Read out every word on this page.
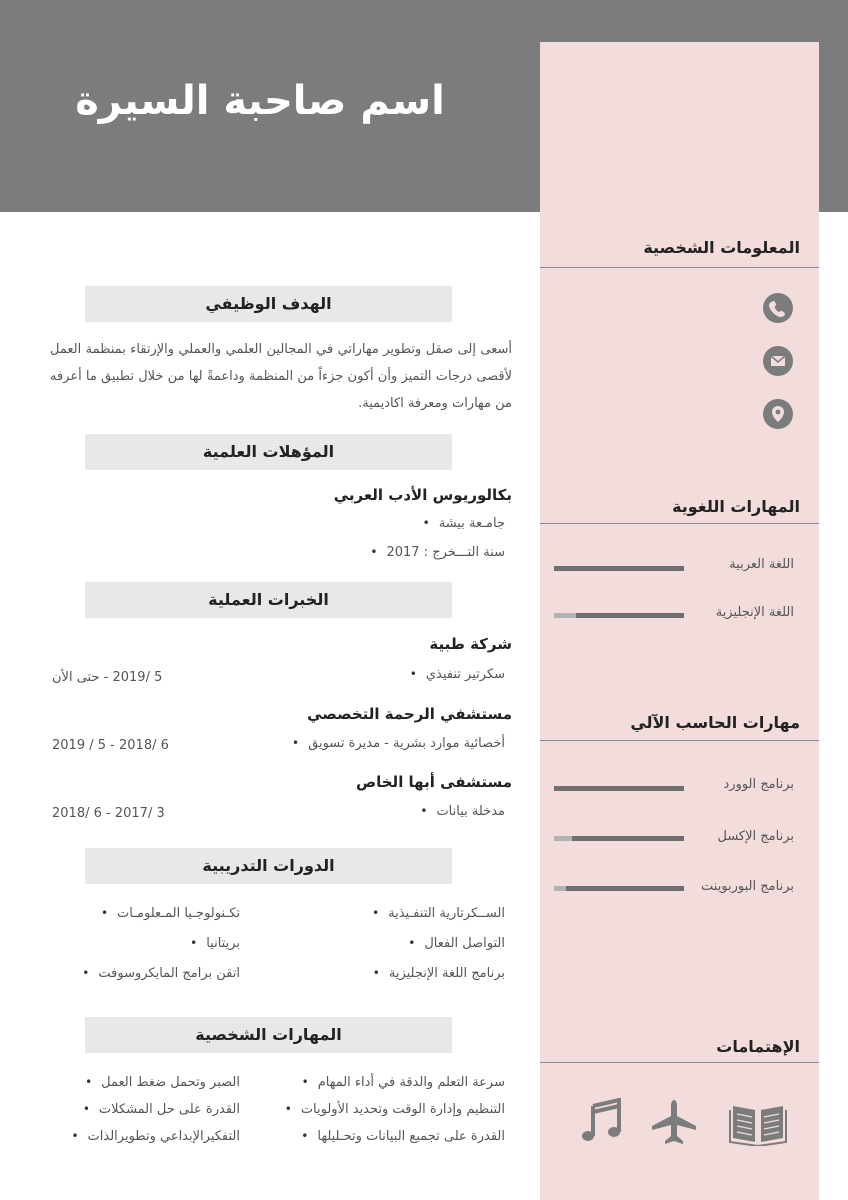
اسم صاحبة السيرة
المعلومات الشخصية
المهارات اللغوية
اللغة العربية
اللغة الإنجليزية
مهارات الحاسب الآلي
برنامج الوورد
برنامج الإكسل
برنامج البوربوينت
الإهتمامات
الهدف الوظيفي

أسعى إلى صقل وتطوير مهاراتي في المجالين العلمي والعملي والإرتقاء بمنظمة العمل لأقصى درجات التميز وأن أكون جزءاً من المنظمة وداعمةً لها من خلال تطبيق ما أعرفه من مهارات ومعرفة اكاديمية.

المؤهلات العلمية
بكالوريوس الأدب العربي
جامـعة بيشة •
سنة التـــخرج : 2017 •
الخبرات العملية
شركة طبية
سكرتير تنفيذي •
5 /2019 - حتى الأن
مستشفي الرحمة التخصصي
أخصائية موارد بشرية - مديرة تسويق •
6 /2018 - 5 / 2019
مستشفى أبها الخاص
مدخلة بيانات •
3 /2017 - 6 /2018
الدورات التدريبية
الســكرتارية التنفـيذية •
التواصل الفعال •
برنامج اللغة الإنجليزية •
تكـنولوجـيا المـعلومـات •
بريتانيا •
اتقن برامج المايكروسوفت •
المهارات الشخصية
سرعة التعلم والدقة في أداء المهام •
التنظيم وإدارة الوقت وتحديد الأولويات •
القدرة على تجميع البيانات وتحـليلها •
الصبر وتحمل ضغط العمل •
القدرة على حل المشكلات •
التفكيرالإبداعي وتطويرالذات •
